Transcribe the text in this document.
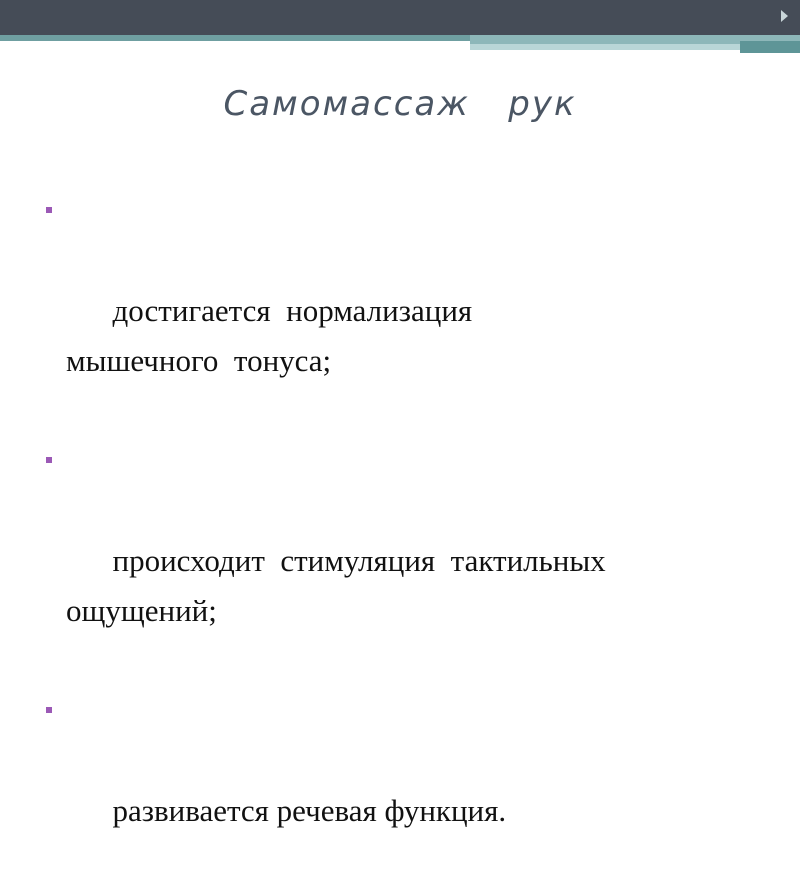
Самомассаж   рук

достигается  нормализация
мышечного  тонуса;

происходит  стимуляция  тактильных
ощущений;

развивается речевая функция.
